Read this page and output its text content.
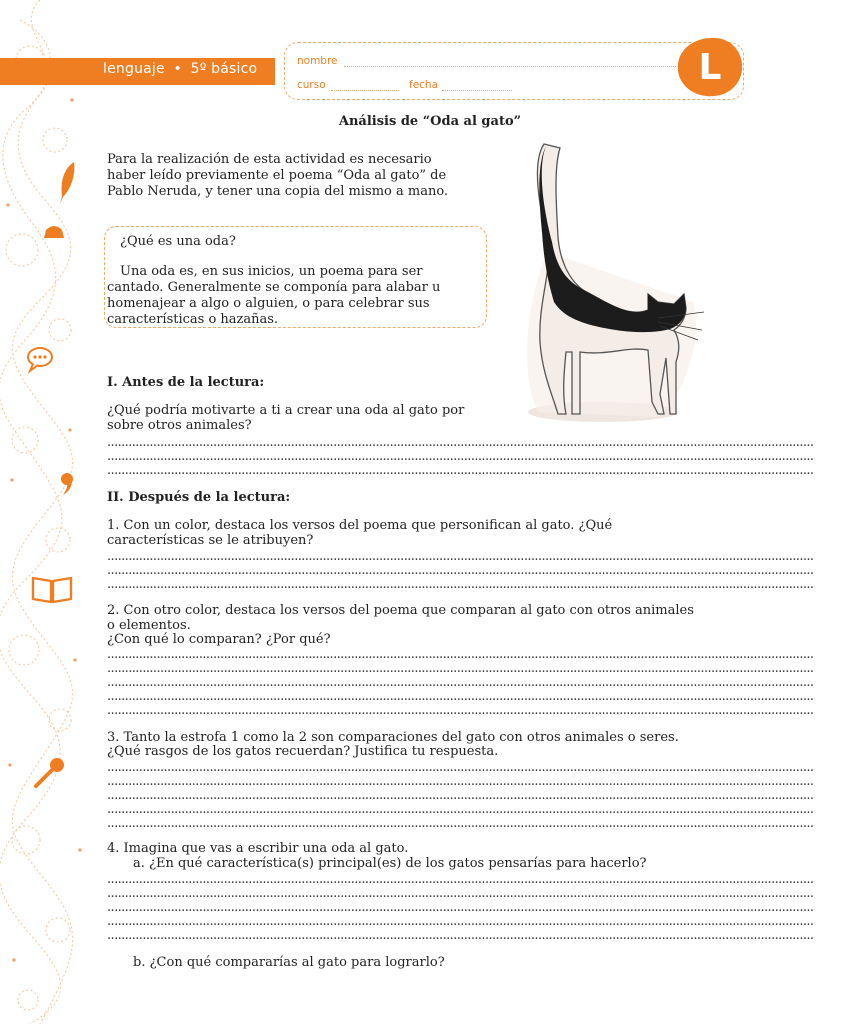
lenguaje • 5º básico	nombre
curso	fecha	L
Análisis de “Oda al gato”
Para la realización de esta actividad es necesario
haber leído previamente el poema “Oda al gato” de
Pablo Neruda, y tener una copia del mismo a mano.
¿Qué es una oda?
Una oda es, en sus inicios, un poema para ser
cantado. Generalmente se componía para alabar u
homenajear a algo o alguien, o para celebrar sus
características o hazañas.
I. Antes de la lectura:
¿Qué podría motivarte a ti a crear una oda al gato por
sobre otros animales?
........................................................................................................................................................................................................
........................................................................................................................................................................................................
........................................................................................................................................................................................................
II. Después de la lectura:
1. Con un color, destaca los versos del poema que personifican al gato. ¿Qué
características se le atribuyen?
........................................................................................................................................................................................................
........................................................................................................................................................................................................
........................................................................................................................................................................................................
2. Con otro color, destaca los versos del poema que comparan al gato con otros animales
o elementos.
¿Con qué lo comparan? ¿Por qué?
........................................................................................................................................................................................................
........................................................................................................................................................................................................
........................................................................................................................................................................................................
........................................................................................................................................................................................................
........................................................................................................................................................................................................
3. Tanto la estrofa 1 como la 2 son comparaciones del gato con otros animales o seres.
¿Qué rasgos de los gatos recuerdan? Justifica tu respuesta.
........................................................................................................................................................................................................
........................................................................................................................................................................................................
........................................................................................................................................................................................................
........................................................................................................................................................................................................
........................................................................................................................................................................................................
4. Imagina que vas a escribir una oda al gato.
a. ¿En qué característica(s) principal(es) de los gatos pensarías para hacerlo?
........................................................................................................................................................................................................
........................................................................................................................................................................................................
........................................................................................................................................................................................................
........................................................................................................................................................................................................
........................................................................................................................................................................................................
b. ¿Con qué compararías al gato para lograrlo?
